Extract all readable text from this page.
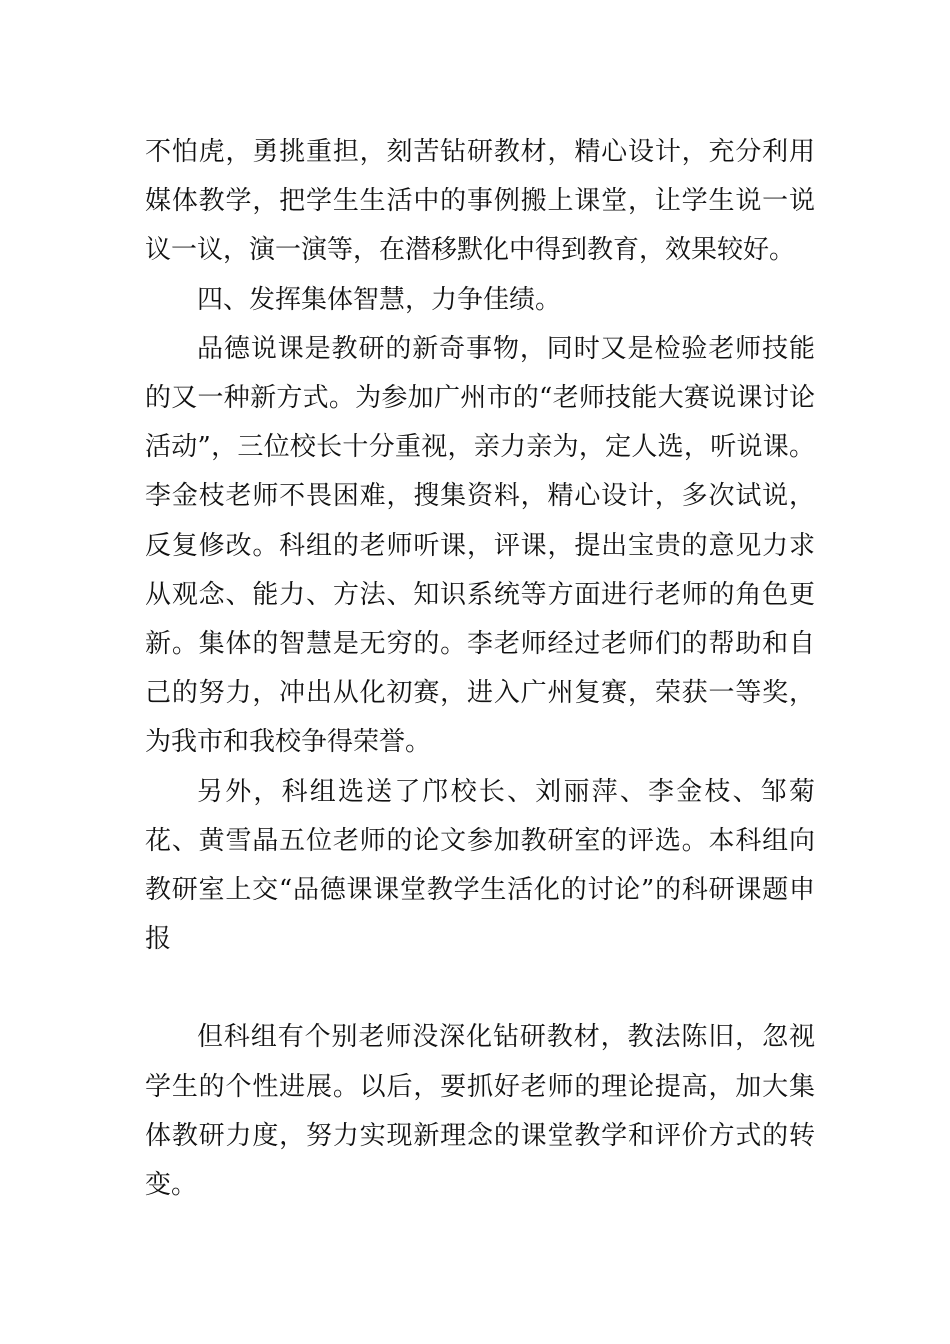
不怕虎，勇挑重担，刻苦钻研教材，精心设计，充分利用媒体教学，把学生生活中的事例搬上课堂，让学生说一说议一议，演一演等，在潜移默化中得到教育，效果较好。

四、发挥集体智慧，力争佳绩。

品德说课是教研的新奇事物，同时又是检验老师技能的又一种新方式。为参加广州市的“老师技能大赛说课讨论活动”，三位校长十分重视，亲力亲为，定人选，听说课。李金枝老师不畏困难，搜集资料，精心设计，多次试说，反复修改。科组的老师听课，评课，提出宝贵的意见力求从观念、能力、方法、知识系统等方面进行老师的角色更新。集体的智慧是无穷的。李老师经过老师们的帮助和自己的努力，冲出从化初赛，进入广州复赛，荣获一等奖，为我市和我校争得荣誉。

另外，科组选送了邝校长、刘丽萍、李金枝、邹菊花、黄雪晶五位老师的论文参加教研室的评选。本科组向教研室上交“品德课课堂教学生活化的讨论”的科研课题申报

但科组有个别老师没深化钻研教材，教法陈旧，忽视学生的个性进展。以后，要抓好老师的理论提高，加大集体教研力度，努力实现新理念的课堂教学和评价方式的转变。
